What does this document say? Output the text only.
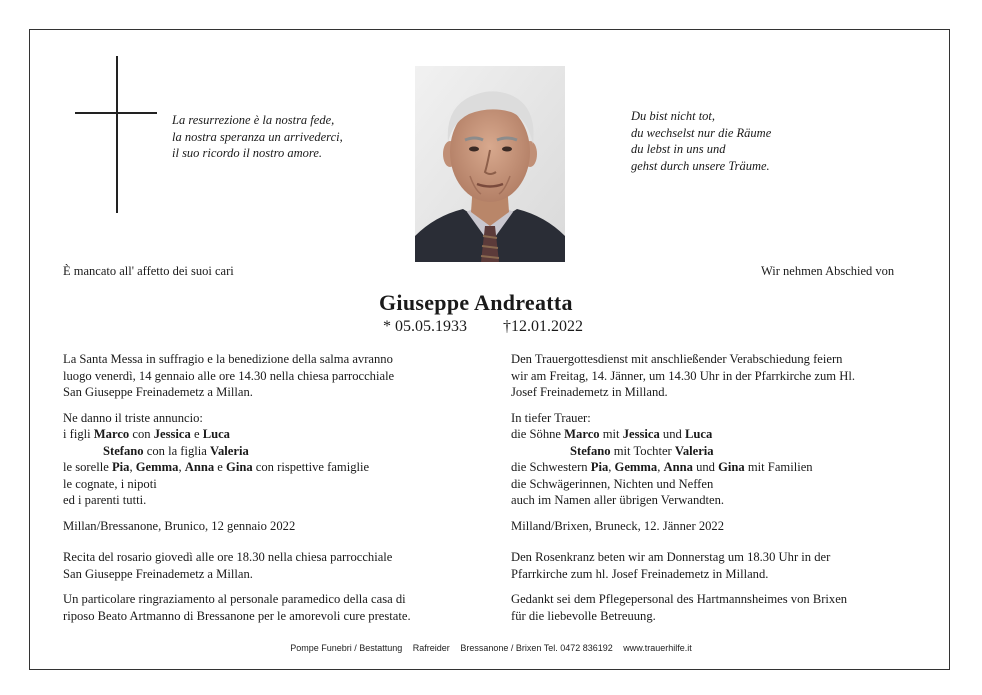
La resurrezione è la nostra fede,
la nostra speranza un arrivederci,
il suo ricordo il nostro amore.
Du bist nicht tot,
du wechselst nur die Räume
du lebst in uns und
gehst durch unsere Träume.
È mancato all' affetto dei suoi cari	Wir nehmen Abschied von
Giuseppe Andreatta
* 05.05.1933 †12.01.2022
La Santa Messa in suffragio e la benedizione della salma avranno
luogo venerdì, 14 gennaio alle ore 14.30 nella chiesa parrocchiale
San Giuseppe Freinademetz a Millan.
Ne danno il triste annuncio:
i figli Marco con Jessica e Luca
Stefano con la figlia Valeria
le sorelle Pia, Gemma, Anna e Gina con rispettive famiglie
le cognate, i nipoti
ed i parenti tutti.
Millan/Bressanone, Brunico, 12 gennaio 2022
Recita del rosario giovedì alle ore 18.30 nella chiesa parrocchiale
San Giuseppe Freinademetz a Millan.
Un particolare ringraziamento al personale paramedico della casa di
riposo Beato Artmanno di Bressanone per le amorevoli cure prestate.
Den Trauergottesdienst mit anschließender Verabschiedung feiern
wir am Freitag, 14. Jänner, um 14.30 Uhr in der Pfarrkirche zum Hl.
Josef Freinademetz in Milland.
In tiefer Trauer:
die Söhne Marco mit Jessica und Luca
Stefano mit Tochter Valeria
die Schwestern Pia, Gemma, Anna und Gina mit Familien
die Schwägerinnen, Nichten und Neffen
auch im Namen aller übrigen Verwandten.
Milland/Brixen, Bruneck, 12. Jänner 2022
Den Rosenkranz beten wir am Donnerstag um 18.30 Uhr in der
Pfarrkirche zum hl. Josef Freinademetz in Milland.
Gedankt sei dem Pflegepersonal des Hartmannsheimes von Brixen
für die liebevolle Betreuung.
Pompe Funebri / Bestattung Rafreider Bressanone / Brixen Tel. 0472 836192 www.trauerhilfe.it
